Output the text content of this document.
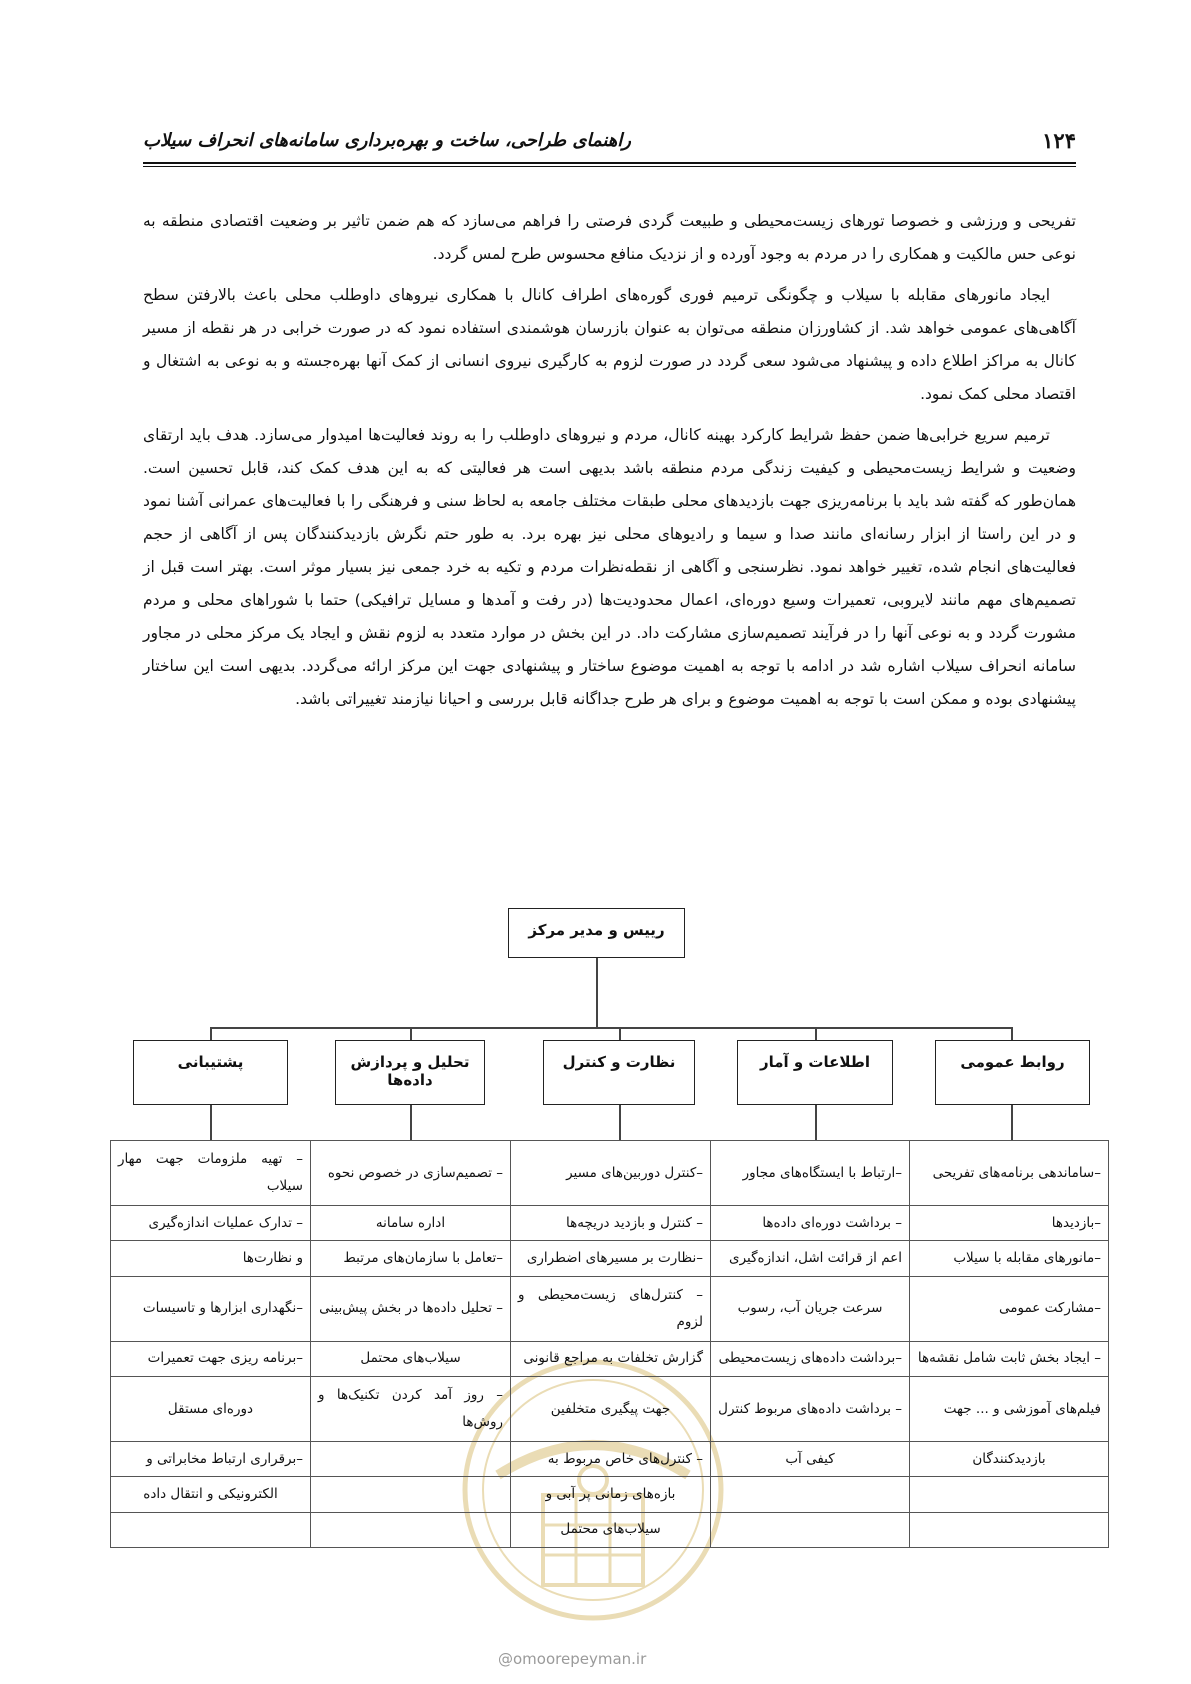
۱۲۴
راهنمای طراحی، ساخت و بهره‌برداری سامانه‌های انحراف سیلاب

تفریحی و ورزشی و خصوصا تورهای زیست‌محیطی و طبیعت گردی فرصتی را فراهم می‌سازد که هم ضمن تاثیر بر وضعیت اقتصادی منطقه به نوعی حس مالکیت و همکاری را در مردم به وجود آورده و از نزدیک منافع محسوس طرح لمس گردد.

ایجاد مانورهای مقابله با سیلاب و چگونگی ترمیم فوری گوره‌های اطراف کانال با همکاری نیروهای داوطلب محلی باعث بالارفتن سطح آگاهی‌های عمومی خواهد شد. از کشاورزان منطقه می‌توان به عنوان بازرسان هوشمندی استفاده نمود که در صورت خرابی در هر نقطه از مسیر کانال به مراکز اطلاع داده و پیشنهاد می‌شود سعی گردد در صورت لزوم به کارگیری نیروی انسانی از کمک آنها بهره‌جسته و به نوعی به اشتغال و اقتصاد محلی کمک نمود.

ترمیم سریع خرابی‌ها ضمن حفظ شرایط کارکرد بهینه کانال، مردم و نیروهای داوطلب را به روند فعالیت‌ها امیدوار می‌سازد. هدف باید ارتقای وضعیت و شرایط زیست‌محیطی و کیفیت زندگی مردم منطقه باشد بدیهی است هر فعالیتی که به این هدف کمک کند، قابل تحسین است. همان‌طور که گفته شد باید با برنامه‌ریزی جهت بازدیدهای محلی طبقات مختلف جامعه به لحاظ سنی و فرهنگی را با فعالیت‌های عمرانی آشنا نمود و در این راستا از ابزار رسانه‌ای مانند صدا و سیما و رادیوهای محلی نیز بهره برد. به طور حتم نگرش بازدیدکنندگان پس از آگاهی از حجم فعالیت‌های انجام شده، تغییر خواهد نمود. نظرسنجی و آگاهی از نقطه‌نظرات مردم و تکیه به خرد جمعی نیز بسیار موثر است. بهتر است قبل از تصمیم‌های مهم مانند لایروبی، تعمیرات وسیع دوره‌ای، اعمال محدودیت‌ها (در رفت و آمدها و مسایل ترافیکی) حتما با شوراهای محلی و مردم مشورت گردد و به نوعی آنها را در فرآیند تصمیم‌سازی مشارکت داد. در این بخش در موارد متعدد به لزوم نقش و ایجاد یک مرکز محلی در مجاور سامانه انحراف سیلاب اشاره شد در ادامه با توجه به اهمیت موضوع ساختار و پیشنهادی جهت این مرکز ارائه می‌گردد. بدیهی است این ساختار پیشنهادی بوده و ممکن است با توجه به اهمیت موضوع و برای هر طرح جداگانه قابل بررسی و احیانا نیازمند تغییراتی باشد.

رییس و مدیر مرکز
روابط عمومی
اطلاعات و آمار
نظارت و کنترل
تحلیل و پردازش داده‌ها
پشتیبانی
–ساماندهی برنامه‌های تفریحی	–ارتباط با ایستگاه‌های مجاور	–کنترل دوربین‌های مسیر	– تصمیم‌سازی در خصوص نحوه	– تهیه ملزومات جهت مهار سیلاب
–بازدیدها	– برداشت دوره‌ای داده‌ها	– کنترل و بازدید دریچه‌ها	اداره سامانه	– تدارک عملیات اندازه‌گیری
–مانورهای مقابله با سیلاب	اعم از قرائت اشل، اندازه‌گیری	–نظارت بر مسیرهای اضطراری	–تعامل با سازمان‌های مرتبط	و نظارت‌ها
–مشارکت عمومی	سرعت جریان آب، رسوب	– کنترل‌های زیست‌محیطی و لزوم	– تحلیل داده‌ها در بخش پیش‌بینی	–نگهداری ابزارها و تاسیسات
– ایجاد بخش ثابت شامل نقشه‌ها	–برداشت داده‌های زیست‌محیطی	گزارش تخلفات به مراجع قانونی	سیلاب‌های محتمل	–برنامه ریزی جهت تعمیرات
فیلم‌های آموزشی و ... جهت	– برداشت داده‌های مربوط کنترل	جهت پیگیری متخلفین	– روز آمد کردن تکنیک‌ها و روش‌ها	دوره‌ای مستقل
بازدیدکنندگان	کیفی آب	– کنترل‌های خاص مربوط به		–برقراری ارتباط مخابراتی و
		بازه‌های زمانی پر آبی و		الکترونیکی و انتقال داده
		سیلاب‌های محتمل		
@omoorepeyman.ir
